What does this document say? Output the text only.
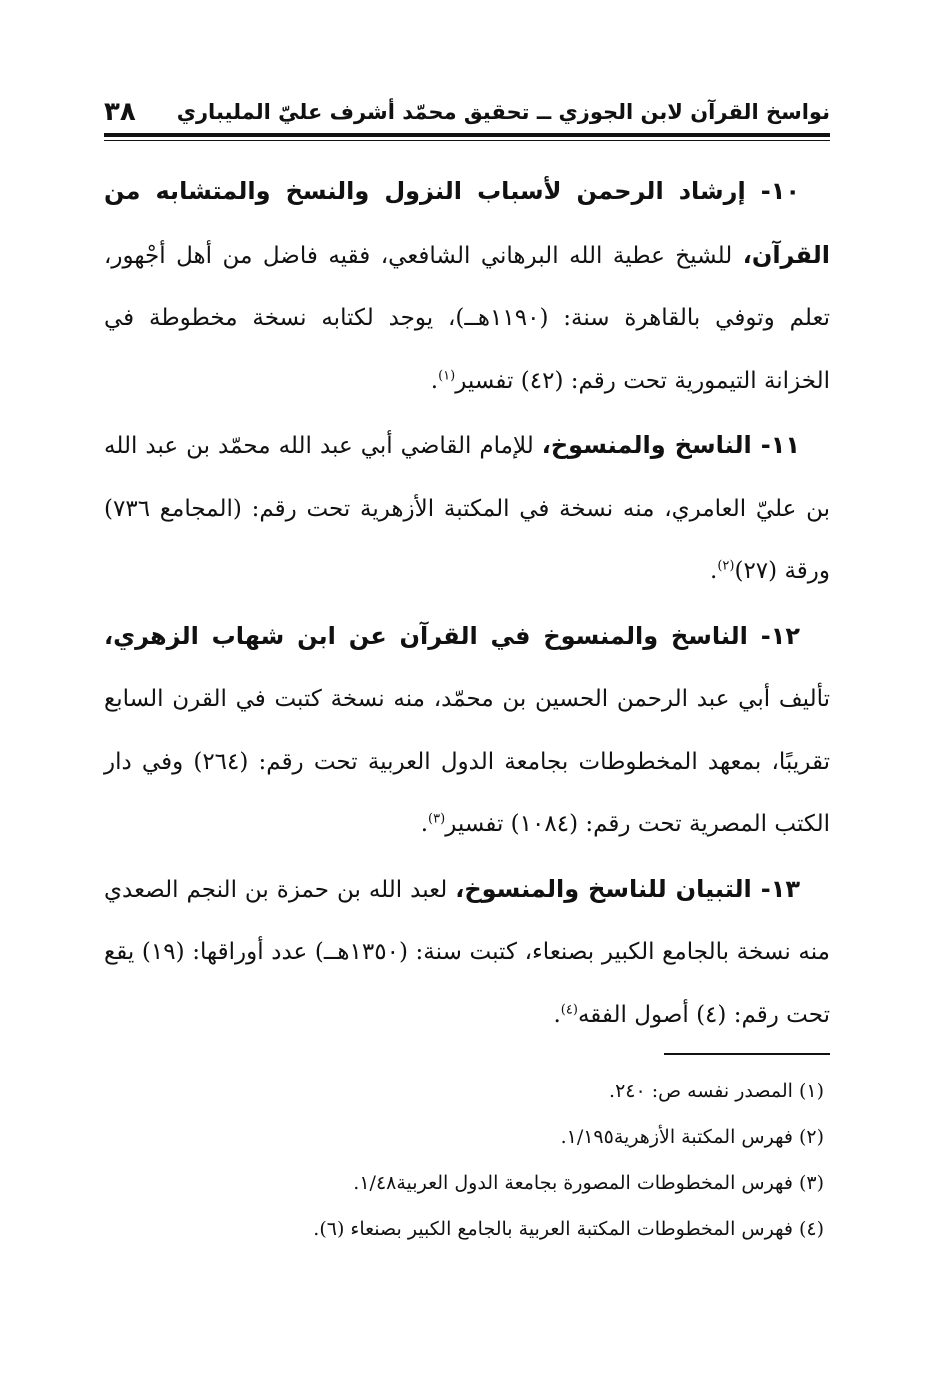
نواسخ القرآن لابن الجوزي ــ تحقيق محمّد أشرف عليّ المليباري
٣٨

١٠- إرشاد الرحمن لأسباب النزول والنسخ والمتشابه من القرآن، للشيخ عطية الله البرهاني الشافعي، فقيه فاضل من أهل أجْهور، تعلم وتوفي بالقاهرة سنة: (١١٩٠هــ)، يوجد لكتابه نسخة مخطوطة في الخزانة التيمورية تحت رقم: (٤٢) تفسير$^{(١)}$.

١١- الناسخ والمنسوخ، للإمام القاضي أبي عبد الله محمّد بن عبد الله بن عليّ العامري، منه نسخة في المكتبة الأزهرية تحت رقم: (المجامع ٧٣٦) ورقة (٢٧)$^{(٢)}$.

١٢- الناسخ والمنسوخ في القرآن عن ابن شهاب الزهري، تأليف أبي عبد الرحمن الحسين بن محمّد، منه نسخة كتبت في القرن السابع تقريبًا، بمعهد المخطوطات بجامعة الدول العربية تحت رقم: (٢٦٤) وفي دار الكتب المصرية تحت رقم: (١٠٨٤) تفسير$^{(٣)}$.

١٣- التبيان للناسخ والمنسوخ، لعبد الله بن حمزة بن النجم الصعدي منه نسخة بالجامع الكبير بصنعاء، كتبت سنة: (١٣٥٠هــ) عدد أوراقها: (١٩) يقع تحت رقم: (٤) أصول الفقه$^{(٤)}$.

(١) المصدر نفسه ص: ٢٤٠.
(٢) فهرس المكتبة الأزهرية١/١٩٥.
(٣) فهرس المخطوطات المصورة بجامعة الدول العربية١/٤٨.
(٤) فهرس المخطوطات المكتبة العربية بالجامع الكبير بصنعاء (٦).
